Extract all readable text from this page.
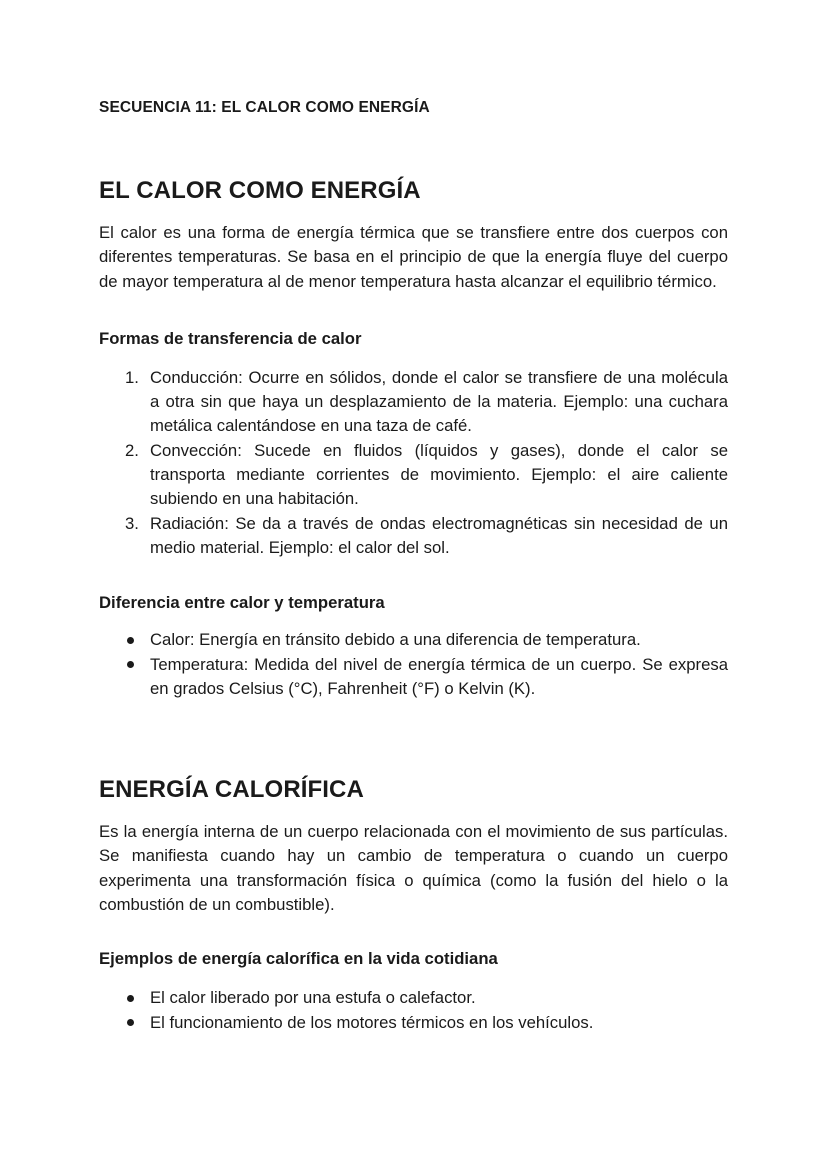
SECUENCIA 11: EL CALOR COMO ENERGÍA
EL CALOR COMO ENERGÍA

El calor es una forma de energía térmica que se transfiere entre dos cuerpos con diferentes temperaturas. Se basa en el principio de que la energía fluye del cuerpo de mayor temperatura al de menor temperatura hasta alcanzar el equilibrio térmico.

Formas de transferencia de calor
1. Conducción: Ocurre en sólidos, donde el calor se transfiere de una molécula a otra sin que haya un desplazamiento de la materia. Ejemplo: una cuchara metálica calentándose en una taza de café.
2. Convección: Sucede en fluidos (líquidos y gases), donde el calor se transporta mediante corrientes de movimiento. Ejemplo: el aire caliente subiendo en una habitación.
3. Radiación: Se da a través de ondas electromagnéticas sin necesidad de un medio material. Ejemplo: el calor del sol.
Diferencia entre calor y temperatura
Calor: Energía en tránsito debido a una diferencia de temperatura.
Temperatura: Medida del nivel de energía térmica de un cuerpo. Se expresa en grados Celsius (°C), Fahrenheit (°F) o Kelvin (K).
ENERGÍA CALORÍFICA

Es la energía interna de un cuerpo relacionada con el movimiento de sus partículas. Se manifiesta cuando hay un cambio de temperatura o cuando un cuerpo experimenta una transformación física o química (como la fusión del hielo o la combustión de un combustible).

Ejemplos de energía calorífica en la vida cotidiana
El calor liberado por una estufa o calefactor.
El funcionamiento de los motores térmicos en los vehículos.
